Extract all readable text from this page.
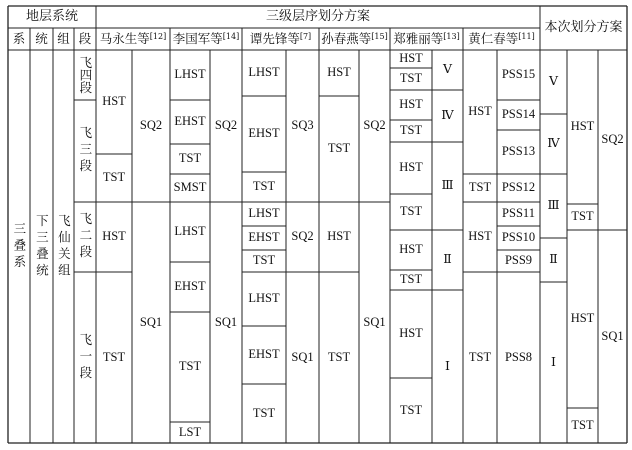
地层系统	三级层序划分方案
本次划分方案
系 统 组 段 马永生等[12] 李国军等[14] 谭先锋等[7] 孙春燕等[15] 郑雅丽等[13] 黄仁春等[11]
三叠系 下三叠统 飞仙关组
飞四段
飞三段
飞二段
飞一段
HST
TST
HST
TST
SQ2
SQ1
LHST
EHST
TST
SMST
LHST
EHST
TST
LST
SQ2
SQ1
LHST
EHST
TST
LHST
EHST
TST
LHST
EHST
TST
SQ3
SQ2
SQ1
HST
TST
HST
TST
SQ2
SQ1
HST
TST
HST
TST
HST
TST
HST
TST
HST
TST
Ⅴ
Ⅳ
Ⅲ
Ⅱ
Ⅰ
HST
TST
HST
TST
PSS15
PSS14
PSS13
PSS12
PSS11
PSS10
PSS9
PSS8
Ⅴ
Ⅳ
Ⅲ
Ⅱ
Ⅰ
HST
TST
HST
TST
SQ2
SQ1
